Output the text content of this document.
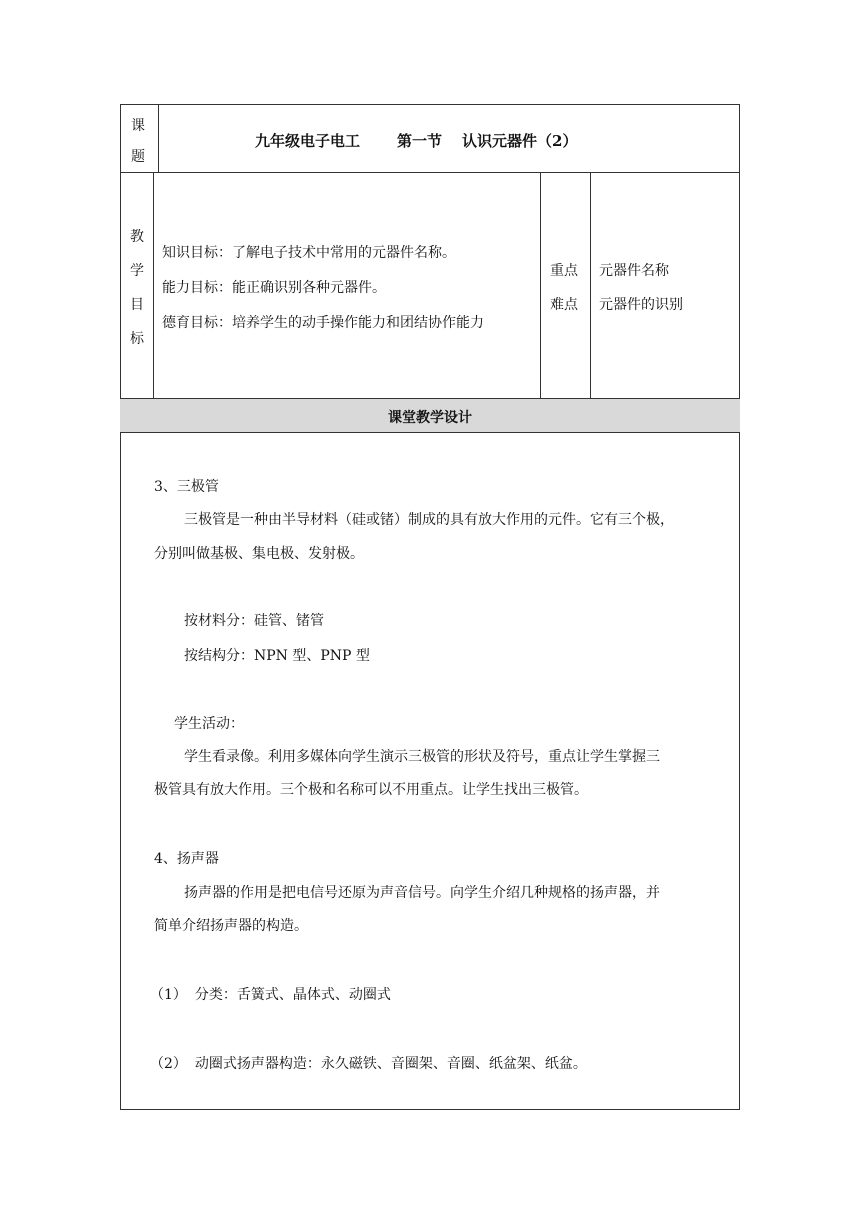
课
题
九年级电子电工 第一节 认识元器件（2）
教
学
目
标
知识目标：了解电子技术中常用的元器件名称。
能力目标：能正确识别各种元器件。
德育目标：培养学生的动手操作能力和团结协作能力
重点
难点
元器件名称
元器件的识别
课堂教学设计
3、三极管
三极管是一种由半导材料（硅或锗）制成的具有放大作用的元件。它有三个极，
分别叫做基极、集电极、发射极。
按材料分：硅管、锗管
按结构分：NPN 型、PNP 型
学生活动：
学生看录像。利用多媒体向学生演示三极管的形状及符号，重点让学生掌握三
极管具有放大作用。三个极和名称可以不用重点。让学生找出三极管。
4、扬声器
扬声器的作用是把电信号还原为声音信号。向学生介绍几种规格的扬声器，并
简单介绍扬声器的构造。
（1） 分类：舌簧式、晶体式、动圈式
（2） 动圈式扬声器构造：永久磁铁、音圈架、音圈、纸盆架、纸盆。
